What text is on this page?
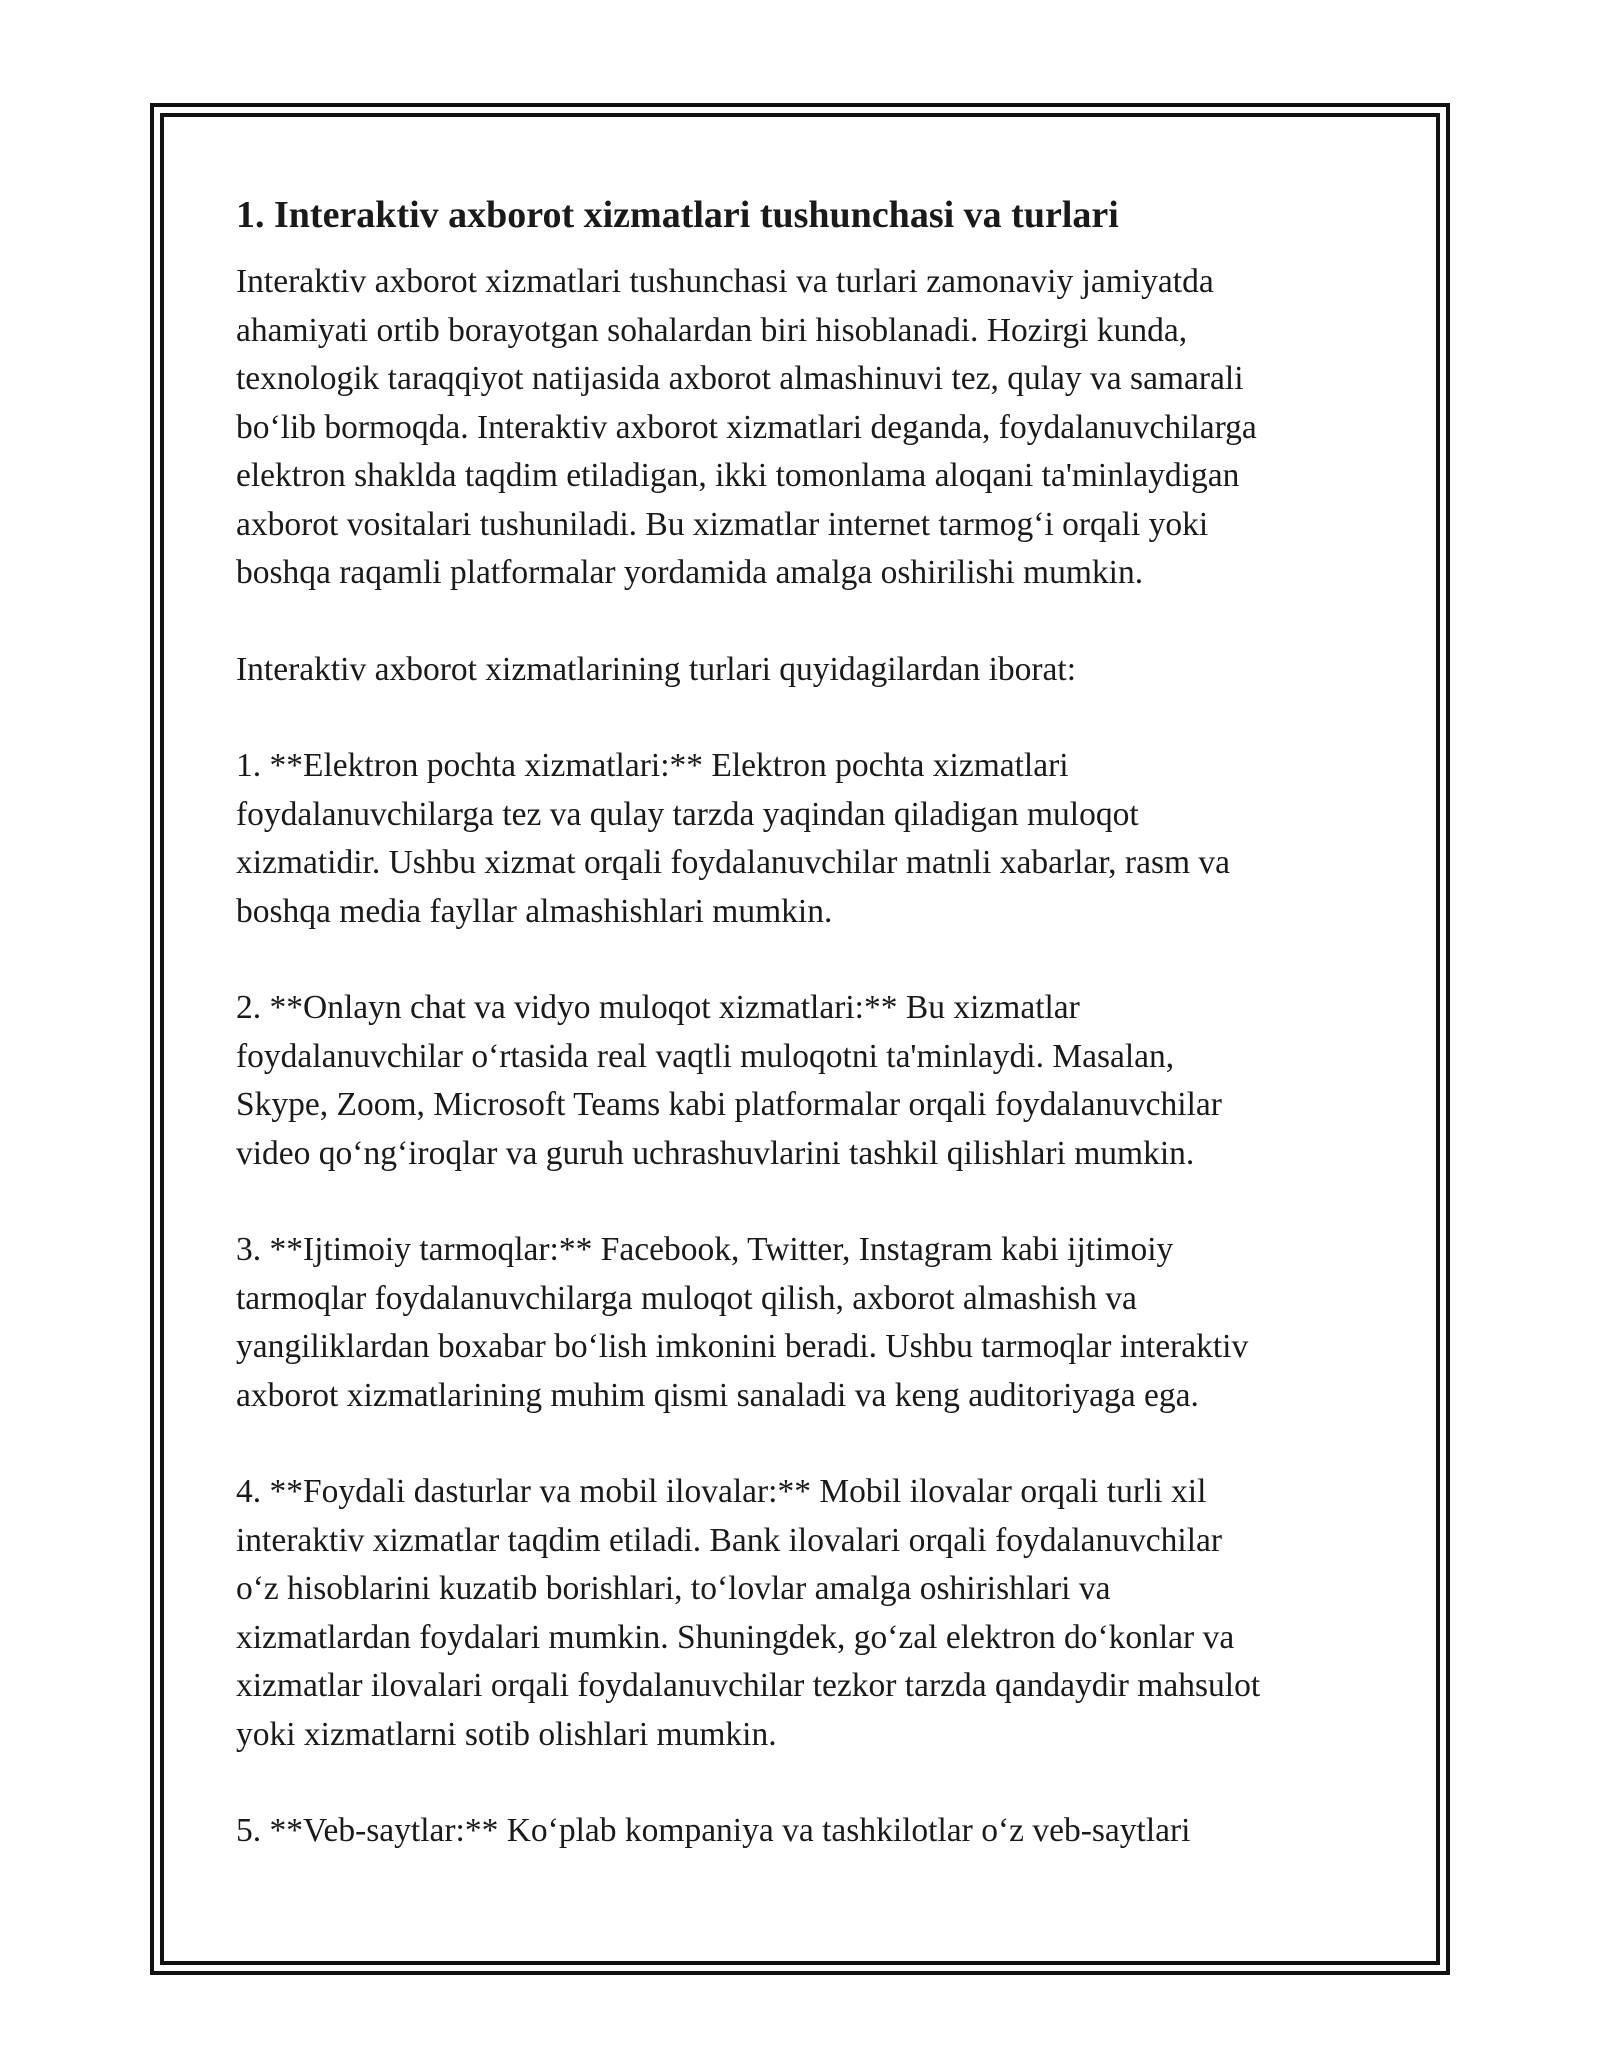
1. Interaktiv axborot xizmatlari tushunchasi va turlari

Interaktiv axborot xizmatlari tushunchasi va turlari zamonaviy jamiyatda
ahamiyati ortib borayotgan sohalardan biri hisoblanadi. Hozirgi kunda,
texnologik taraqqiyot natijasida axborot almashinuvi tez, qulay va samarali
bo‘lib bormoqda. Interaktiv axborot xizmatlari deganda, foydalanuvchilarga
elektron shaklda taqdim etiladigan, ikki tomonlama aloqani ta'minlaydigan
axborot vositalari tushuniladi. Bu xizmatlar internet tarmog‘i orqali yoki
boshqa raqamli platformalar yordamida amalga oshirilishi mumkin.

Interaktiv axborot xizmatlarining turlari quyidagilardan iborat:

1. **Elektron pochta xizmatlari:** Elektron pochta xizmatlari
foydalanuvchilarga tez va qulay tarzda yaqindan qiladigan muloqot
xizmatidir. Ushbu xizmat orqali foydalanuvchilar matnli xabarlar, rasm va
boshqa media fayllar almashishlari mumkin.

2. **Onlayn chat va vidyo muloqot xizmatlari:** Bu xizmatlar
foydalanuvchilar o‘rtasida real vaqtli muloqotni ta'minlaydi. Masalan,
Skype, Zoom, Microsoft Teams kabi platformalar orqali foydalanuvchilar
video qo‘ng‘iroqlar va guruh uchrashuvlarini tashkil qilishlari mumkin.

3. **Ijtimoiy tarmoqlar:** Facebook, Twitter, Instagram kabi ijtimoiy
tarmoqlar foydalanuvchilarga muloqot qilish, axborot almashish va
yangiliklardan boxabar bo‘lish imkonini beradi. Ushbu tarmoqlar interaktiv
axborot xizmatlarining muhim qismi sanaladi va keng auditoriyaga ega.

4. **Foydali dasturlar va mobil ilovalar:** Mobil ilovalar orqali turli xil
interaktiv xizmatlar taqdim etiladi. Bank ilovalari orqali foydalanuvchilar
o‘z hisoblarini kuzatib borishlari, to‘lovlar amalga oshirishlari va
xizmatlardan foydalari mumkin. Shuningdek, go‘zal elektron do‘konlar va
xizmatlar ilovalari orqali foydalanuvchilar tezkor tarzda qandaydir mahsulot
yoki xizmatlarni sotib olishlari mumkin.

5. **Veb-saytlar:** Ko‘plab kompaniya va tashkilotlar o‘z veb-saytlari
